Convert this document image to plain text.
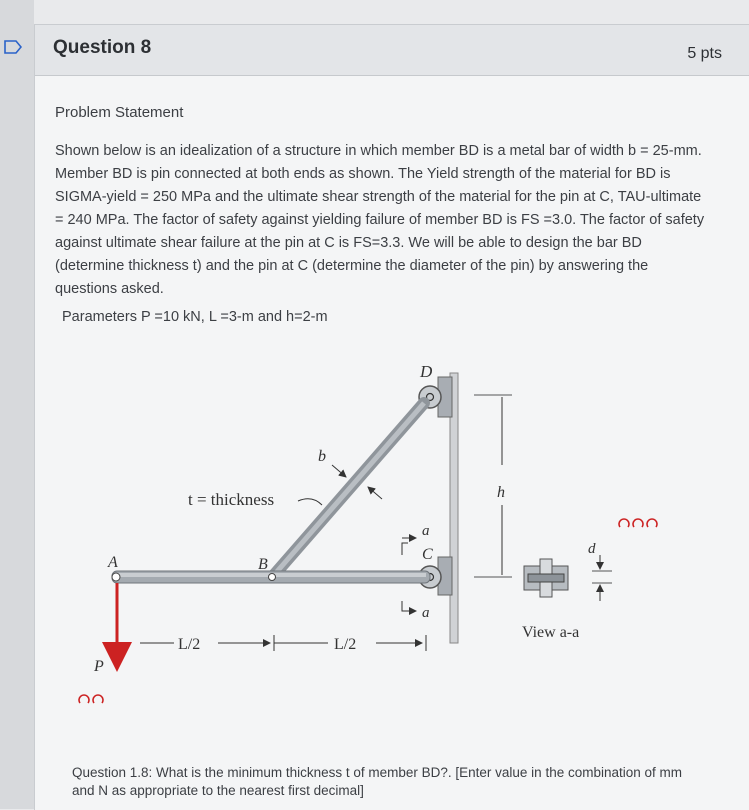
Question 8	5 pts
Problem Statement
Shown below is an idealization of a structure in which member BD is a metal bar of width b = 25-mm. Member BD is pin connected at both ends as shown. The Yield strength of the material for BD is SIGMA-yield = 250 MPa and the ultimate shear strength of the material for the pin at C, TAU-ultimate = 240 MPa. The factor of safety against yielding failure of member BD is FS =3.0. The factor of safety against ultimate shear failure at the pin at C is FS=3.3. We will be able to design the bar BD (determine thickness t) and the pin at C (determine the diameter of the pin) by answering the questions asked.
Parameters P =10 kN, L =3-m and h=2-m
P
D
b
t = thickness
A	B
a
C
a
h
d
View a-a
L/2	L/2
Question 1.8: What is the minimum thickness t of member BD?. [Enter value in the combination of mm and N as appropriate to the nearest first decimal]
